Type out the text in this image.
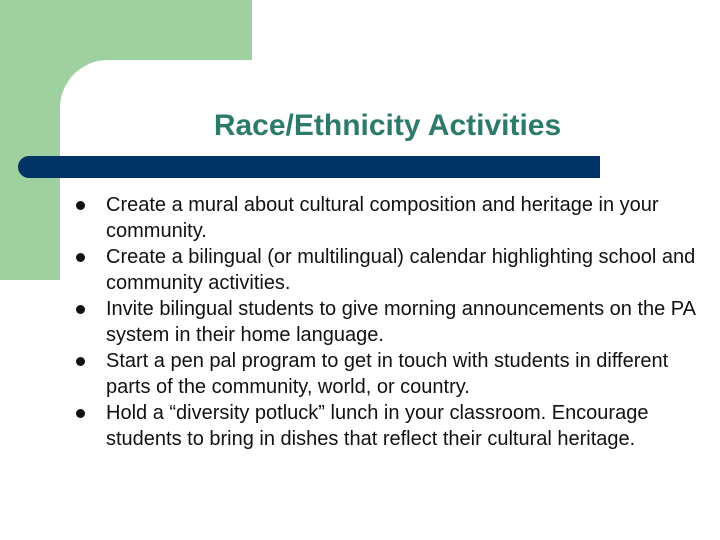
Race/Ethnicity Activities
Create a mural about cultural composition and heritage in your community.
Create a bilingual (or multilingual) calendar highlighting school and community activities.
Invite bilingual students to give morning announcements on the PA system in their home language.
Start a pen pal program to get in touch with students in different parts of the community, world, or country.
Hold a “diversity potluck” lunch in your classroom. Encourage students to bring in dishes that reflect their cultural heritage.
